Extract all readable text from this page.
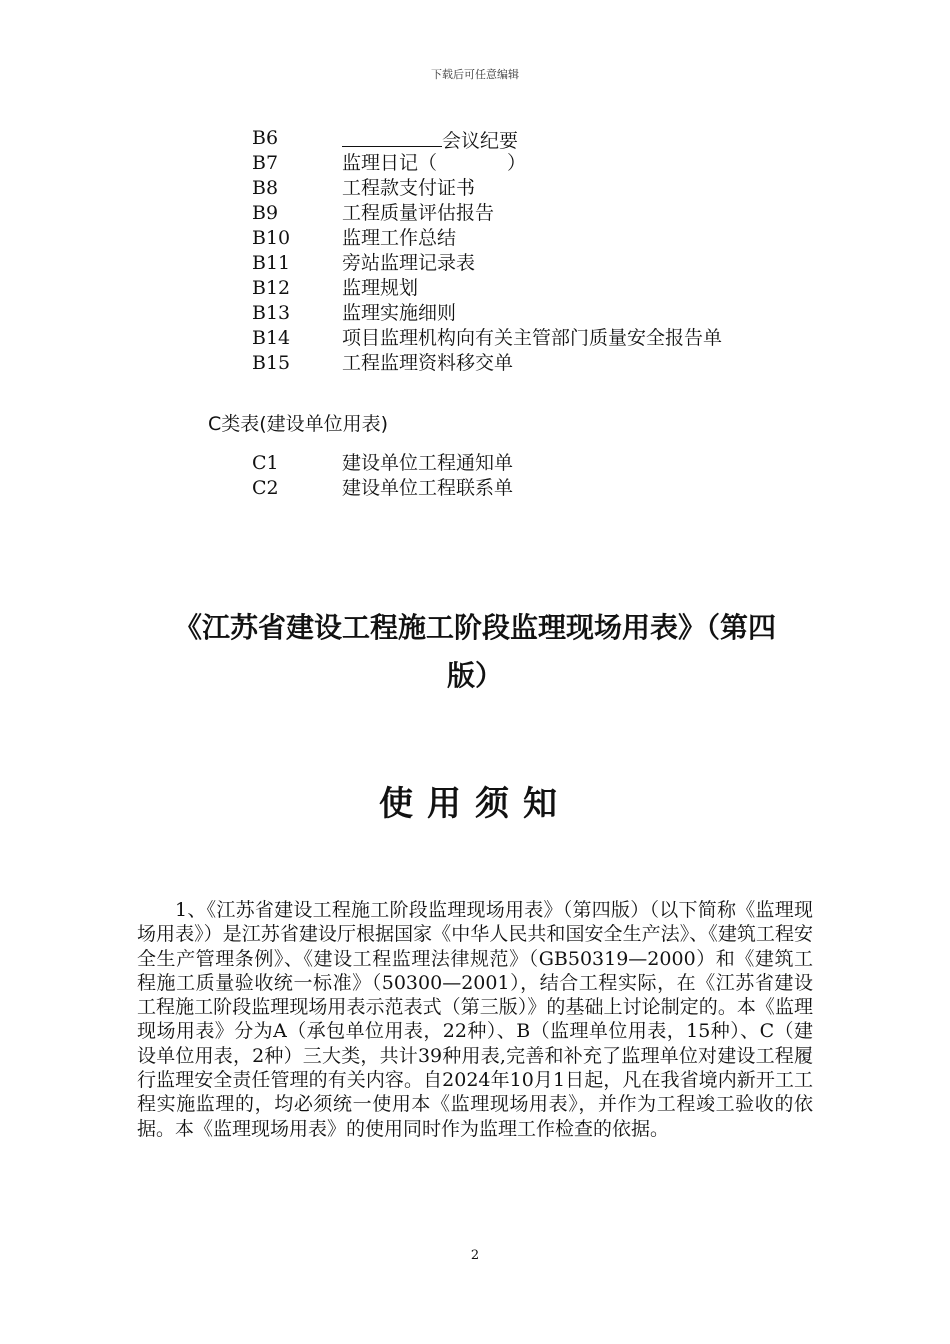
下载后可任意编辑
B6	会议纪要
B7	监理日记（	）
B8	工程款支付证书
B9	工程质量评估报告
B10	监理工作总结
B11	旁站监理记录表
B12	监理规划
B13	监理实施细则
B14	项目监理机构向有关主管部门质量安全报告单
B15	工程监理资料移交单
C类表(建设单位用表)
C1	建设单位工程通知单
C2	建设单位工程联系单
《江苏省建设工程施工阶段监理现场用表》（第四
版）
使用须知

1、《江苏省建设工程施工阶段监理现场用表》（第四版）（以下简称《监理现场用表》）是江苏省建设厅根据国家《中华人民共和国安全生产法》、《建筑工程安全生产管理条例》、《建设工程监理法律规范》（GB50319—2000）和《建筑工程施工质量验收统一标准》（50300—2001），结合工程实际，在《江苏省建设工程施工阶段监理现场用表示范表式（第三版）》的基础上讨论制定的。本《监理现场用表》分为A（承包单位用表，22种）、B（监理单位用表，15种）、C（建设单位用表，2种）三大类，共计39种用表,完善和补充了监理单位对建设工程履行监理安全责任管理的有关内容。自2024年10月1日起，凡在我省境内新开工工程实施监理的，均必须统一使用本《监理现场用表》，并作为工程竣工验收的依据。本《监理现场用表》的使用同时作为监理工作检查的依据。

2
